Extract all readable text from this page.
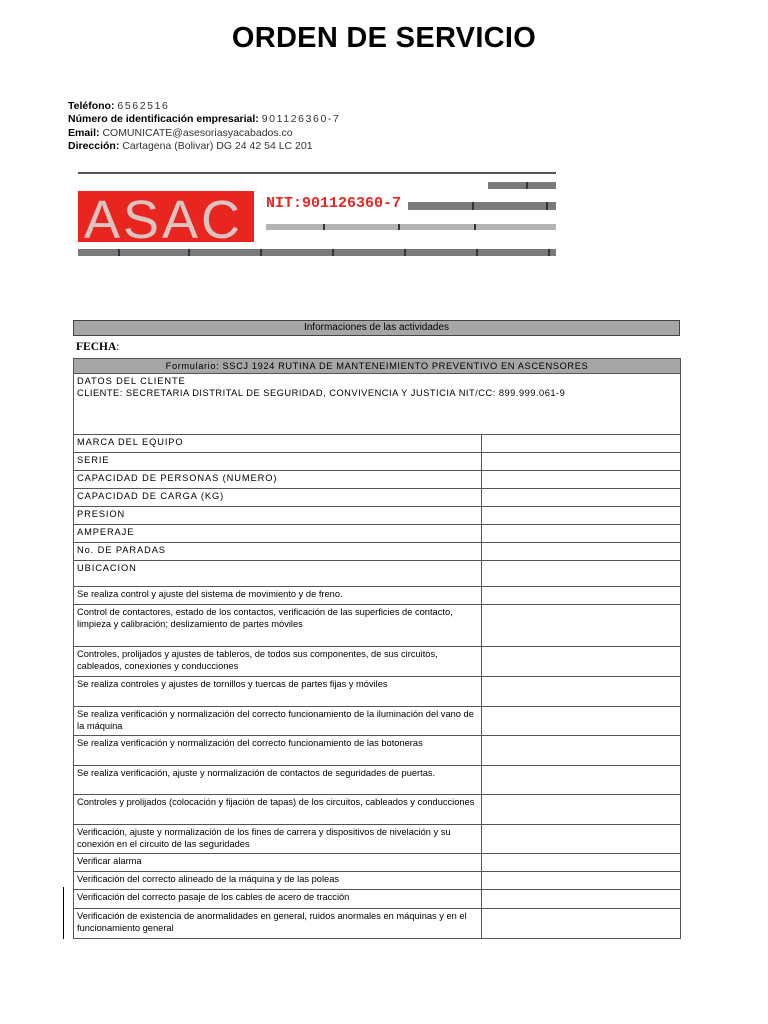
ORDEN DE SERVICIO
Teléfono: 6562516
Número de identificación empresarial: 901126360-7
Email: COMUNICATE@asesoriasyacabados.co
Dirección: Cartagena (Bolivar) DG 24 42 54 LC 201
ASAC NIT:901126360-7
Informaciones de las actividades
FECHA:
Formulario: SSCJ 1924 RUTINA DE MANTENEIMIENTO PREVENTIVO EN ASCENSORES	

DATOS DEL CLIENTE
CLIENTE: SECRETARIA DISTRITAL DE SEGURIDAD, CONVIVENCIA Y JUSTICIA NIT/CC: 899.999.061-9	

MARCA DEL EQUIPO	
SERIE	
CAPACIDAD DE PERSONAS (NUMERO)	
CAPACIDAD DE CARGA (KG)	
PRESION	
AMPERAJE	
No. DE PARADAS	
UBICACION	
Se realiza control y ajuste del sistema de movimiento y de freno.	
Control de contactores, estado de los contactos, verificación de las superficies de contacto, limpieza y calibración; deslizamiento de partes móviles	
Controles, prolijados y ajustes de tableros, de todos sus componentes, de sus circuitos, cableados, conexiones y conducciones	
Se realiza controles y ajustes de tornillos y tuercas de partes fijas y móviles	
Se realiza verificación y normalización del correcto funcionamiento de la iluminación del vano de la máquina	
Se realiza verificación y normalización del correcto funcionamiento de las botoneras	
Se realiza verificación, ajuste y normalización de contactos de seguridades de puertas.	
Controles y prolijados (colocación y fijación de tapas) de los circuitos, cableados y conducciones	
Verificación, ajuste y normalización de los fines de carrera y dispositivos de nivelación y su conexión en el circuito de las seguridades	
Verificar alarma	
Verificación del correcto alineado de la máquina y de las poleas	
Verificación del correcto pasaje de los cables de acero de tracción	
Verificación de existencia de anormalidades en general, ruidos anormales en máquinas y en el funcionamiento general	
